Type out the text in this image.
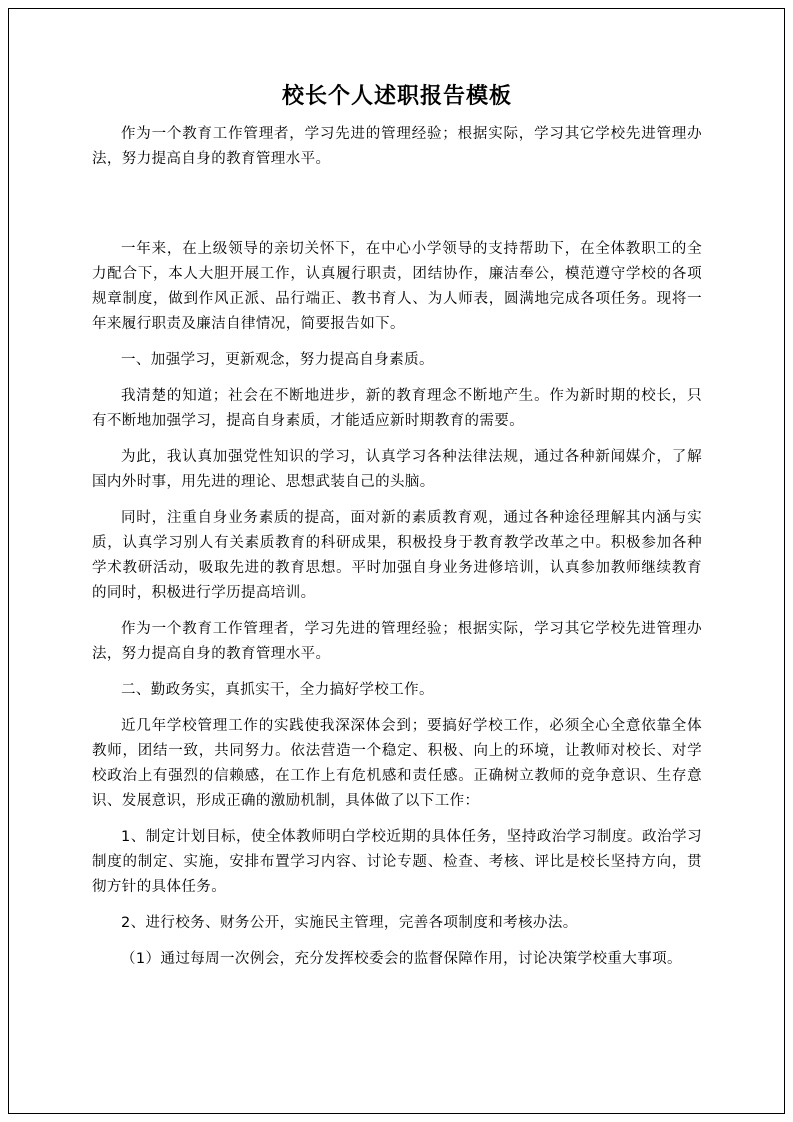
校长个人述职报告模板

作为一个教育工作管理者，学习先进的管理经验；根据实际，学习其它学校先进管理办法，努力提高自身的教育管理水平。

一年来，在上级领导的亲切关怀下，在中心小学领导的支持帮助下，在全体教职工的全力配合下，本人大胆开展工作，认真履行职责，团结协作，廉洁奉公，模范遵守学校的各项规章制度，做到作风正派、品行端正、教书育人、为人师表，圆满地完成各项任务。现将一年来履行职责及廉洁自律情况，简要报告如下。

一、加强学习，更新观念，努力提高自身素质。

我清楚的知道；社会在不断地进步，新的教育理念不断地产生。作为新时期的校长，只有不断地加强学习，提高自身素质，才能适应新时期教育的需要。

为此，我认真加强党性知识的学习，认真学习各种法律法规，通过各种新闻媒介，了解国内外时事，用先进的理论、思想武装自己的头脑。

同时，注重自身业务素质的提高，面对新的素质教育观，通过各种途径理解其内涵与实质，认真学习别人有关素质教育的科研成果，积极投身于教育教学改革之中。积极参加各种学术教研活动，吸取先进的教育思想。平时加强自身业务进修培训，认真参加教师继续教育的同时，积极进行学历提高培训。

作为一个教育工作管理者，学习先进的管理经验；根据实际，学习其它学校先进管理办法，努力提高自身的教育管理水平。

二、勤政务实，真抓实干，全力搞好学校工作。

近几年学校管理工作的实践使我深深体会到；要搞好学校工作，必须全心全意依靠全体教师，团结一致，共同努力。依法营造一个稳定、积极、向上的环境，让教师对校长、对学校政治上有强烈的信赖感，在工作上有危机感和责任感。正确树立教师的竞争意识、生存意识、发展意识，形成正确的激励机制，具体做了以下工作：

1、制定计划目标，使全体教师明白学校近期的具体任务，坚持政治学习制度。政治学习制度的制定、实施，安排布置学习内容、讨论专题、检查、考核、评比是校长坚持方向，贯彻方针的具体任务。

2、进行校务、财务公开，实施民主管理，完善各项制度和考核办法。

（1）通过每周一次例会，充分发挥校委会的监督保障作用，讨论决策学校重大事项。
